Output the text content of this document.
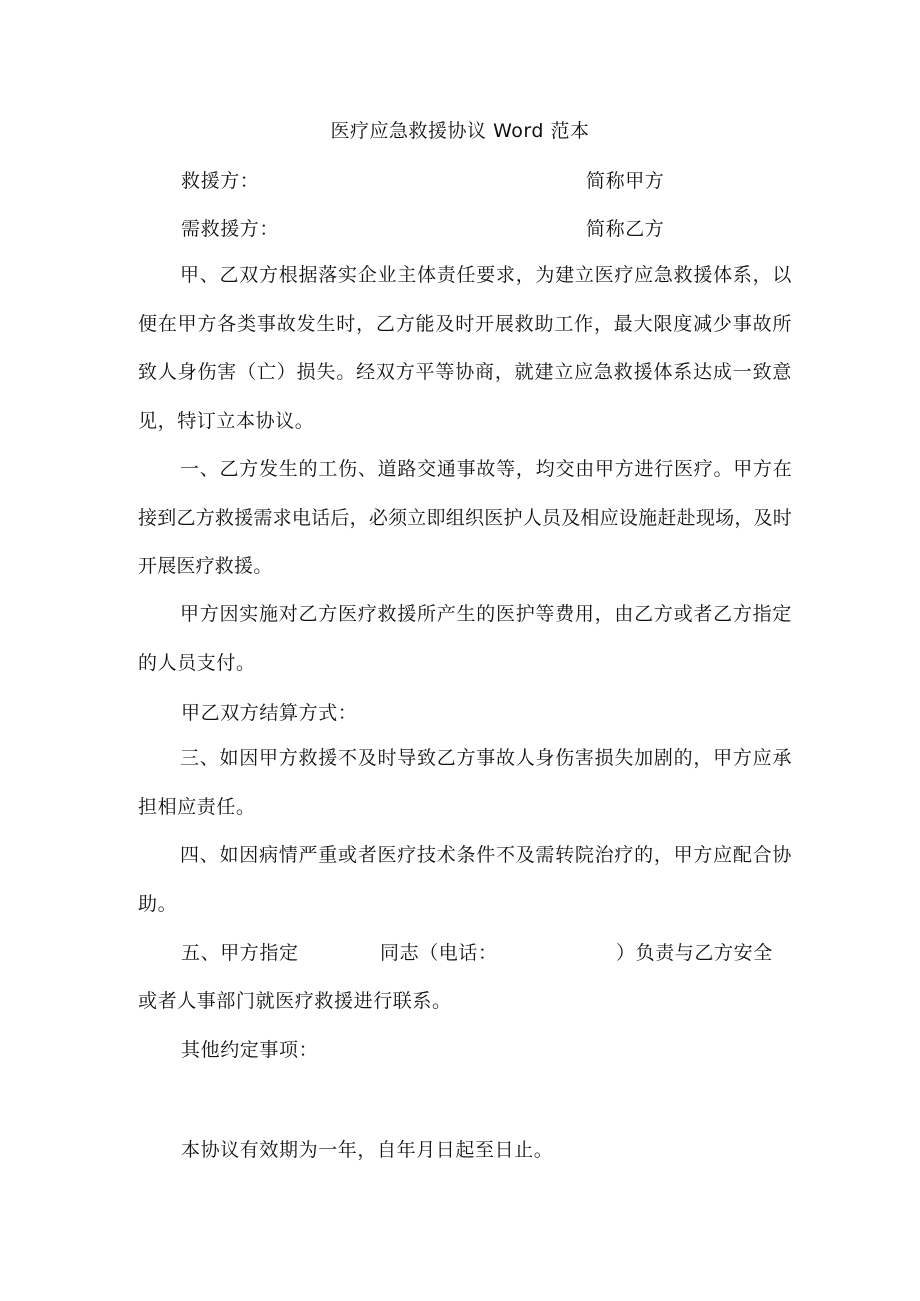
医疗应急救援协议 Word 范本
救援方：	简称甲方
需救援方：	简称乙方

甲、乙双方根据落实企业主体责任要求，为建立医疗应急救援体系，以便在甲方各类事故发生时，乙方能及时开展救助工作，最大限度减少事故所致人身伤害（亡）损失。经双方平等协商，就建立应急救援体系达成一致意见，特订立本协议。

一、乙方发生的工伤、道路交通事故等，均交由甲方进行医疗。甲方在接到乙方救援需求电话后，必须立即组织医护人员及相应设施赶赴现场，及时开展医疗救援。

甲方因实施对乙方医疗救援所产生的医护等费用，由乙方或者乙方指定的人员支付。

甲乙双方结算方式：

三、如因甲方救援不及时导致乙方事故人身伤害损失加剧的，甲方应承担相应责任。

四、如因病情严重或者医疗技术条件不及需转院治疗的，甲方应配合协助。

五、甲方指定	同志（电话：	）负责与乙方安全
或者人事部门就医疗救援进行联系。
其他约定事项：
本协议有效期为一年，自年月日起至日止。
